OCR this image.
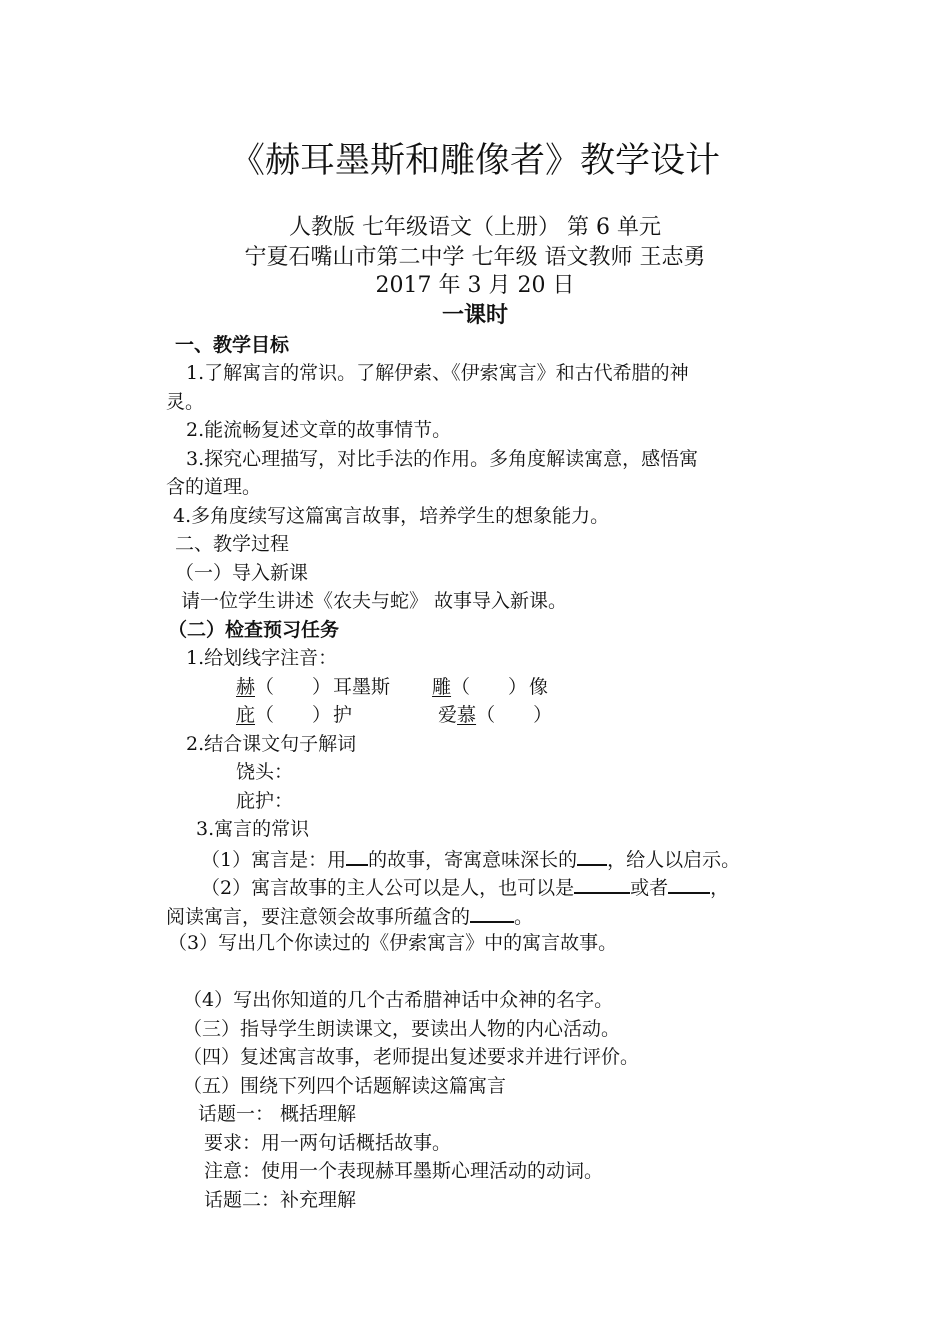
《赫耳墨斯和雕像者》教学设计
人教版 七年级语文（上册） 第 6 单元
宁夏石嘴山市第二中学 七年级 语文教师 王志勇
2017 年 3 月 20 日
一课时
一、教学目标
1.了解寓言的常识。了解伊索、《伊索寓言》和古代希腊的神
灵。
2.能流畅复述文章的故事情节。
3.探究心理描写，对比手法的作用。多角度解读寓意，感悟寓
含的道理。
4.多角度续写这篇寓言故事，培养学生的想象能力。
二、教学过程
（一）导入新课
请一位学生讲述《农夫与蛇》 故事导入新课。
（二）检查预习任务
1.给划线字注音：
赫（　　） 耳墨斯 雕（　　） 像
庇（　　） 护	爱慕（　　）
2.结合课文句子解词
饶头：
庇护：
3.寓言的常识
（1）寓言是：用 的故事，寄寓意味深长的 ，给人以启示。
（2）寓言故事的主人公可以是人，也可以是	或者 ，
阅读寓言，要注意领会故事所蕴含的 。
（3）写出几个你读过的《伊索寓言》中的寓言故事。
（4）写出你知道的几个古希腊神话中众神的名字。
（三）指导学生朗读课文，要读出人物的内心活动。
（四）复述寓言故事，老师提出复述要求并进行评价。
（五）围绕下列四个话题解读这篇寓言
话题一： 概括理解
要求：用一两句话概括故事。
注意：使用一个表现赫耳墨斯心理活动的动词。
话题二：补充理解
